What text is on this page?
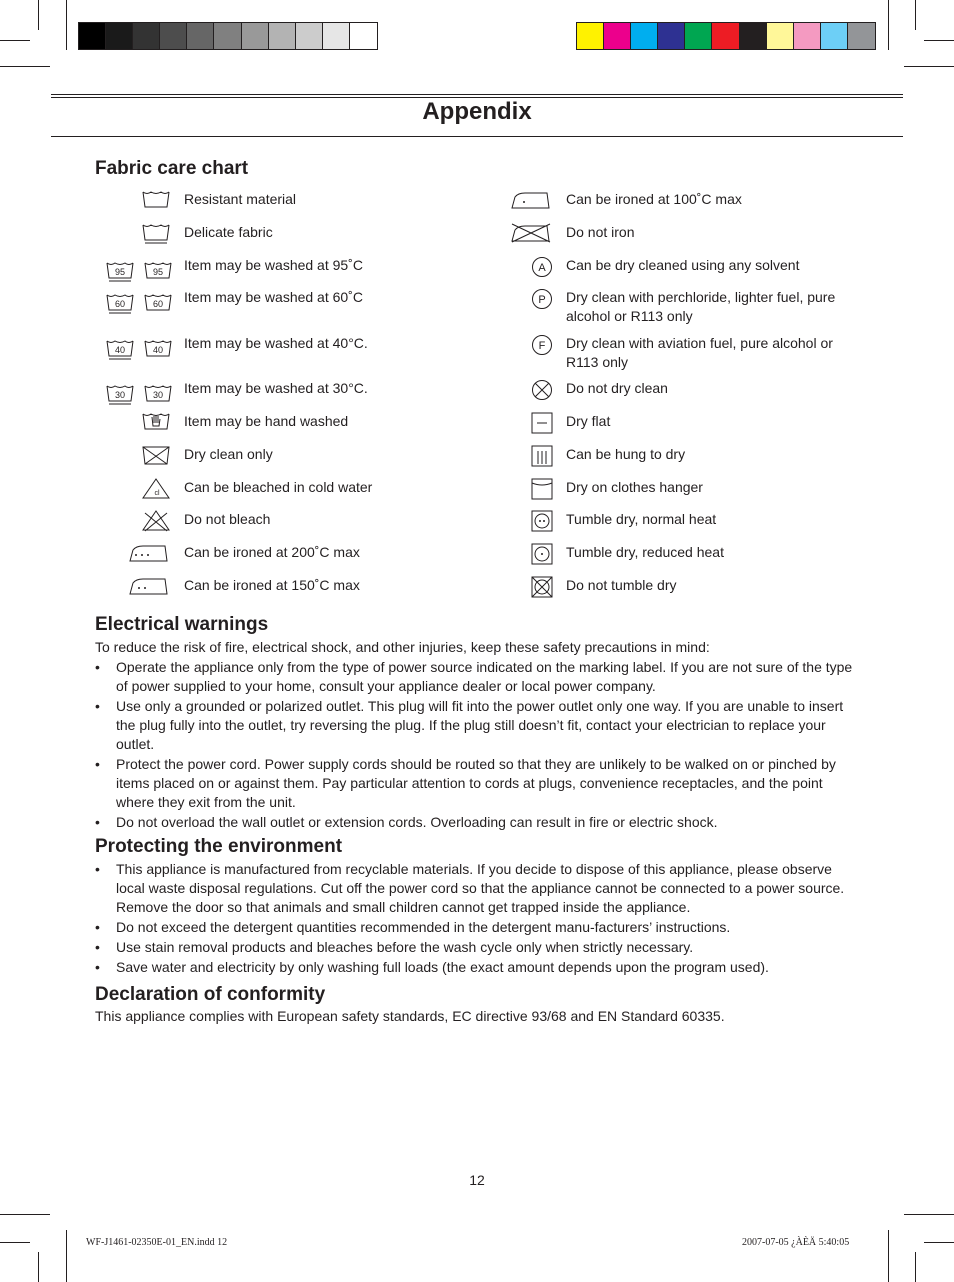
Appendix
Fabric care chart
Electrical warnings
To reduce the risk of fire, electrical shock, and other injuries, keep these safety precautions in mind:
• Operate the appliance only from the type of power source indicated on the marking label. If you are not sure of the type of power supplied to your home, consult your appliance dealer or local power company.
• Use only a grounded or polarized outlet. This plug will fit into the power outlet only one way. If you are unable to insert the plug fully into the outlet, try reversing the plug. If the plug still doesn’t fit, contact your electrician to replace your outlet.
• Protect the power cord. Power supply cords should be routed so that they are unlikely to be walked on or pinched by items placed on or against them. Pay particular attention to cords at plugs, convenience receptacles, and the point where they exit from the unit.
• Do not overload the wall outlet or extension cords. Overloading can result in fire or electric shock.
Protecting the environment
• This appliance is manufactured from recyclable materials. If you decide to dispose of this appliance, please observe local waste disposal regulations. Cut off the power cord so that the appliance cannot be connected to a power source. Remove the door so that animals and small children cannot get trapped inside the appliance.
• Do not exceed the detergent quantities recommended in the detergent manu-facturers’ instructions.
• Use stain removal products and bleaches before the wash cycle only when strictly necessary.
• Save water and electricity by only washing full loads (the exact amount depends upon the program used).
Declaration of conformity
This appliance complies with European safety standards, EC directive 93/68 and EN Standard 60335.
12
WF-J1461-02350E-01_EN.indd 12	2007-07-05 ¿ÀÈÄ 5:40:05
Resistant material
Delicate fabric
95	95 Item may be washed at 95˚C
60	60 Item may be washed at 60˚C
40	40 Item may be washed at 40°C.
30	30 Item may be washed at 30°C.
Item may be hand washed
Dry clean only
cl Can be bleached in cold water
Do not bleach
Can be ironed at 200˚C max
Can be ironed at 150˚C max
Can be ironed at 100˚C max
Do not iron
A Can be dry cleaned using any solvent
P Dry clean with perchloride, lighter fuel, pure alcohol or R113 only
F Dry clean with aviation fuel, pure alcohol or R113 only
Do not dry clean
Dry flat
Can be hung to dry
Dry on clothes hanger
Tumble dry, normal heat
Tumble dry, reduced heat
Do not tumble dry
